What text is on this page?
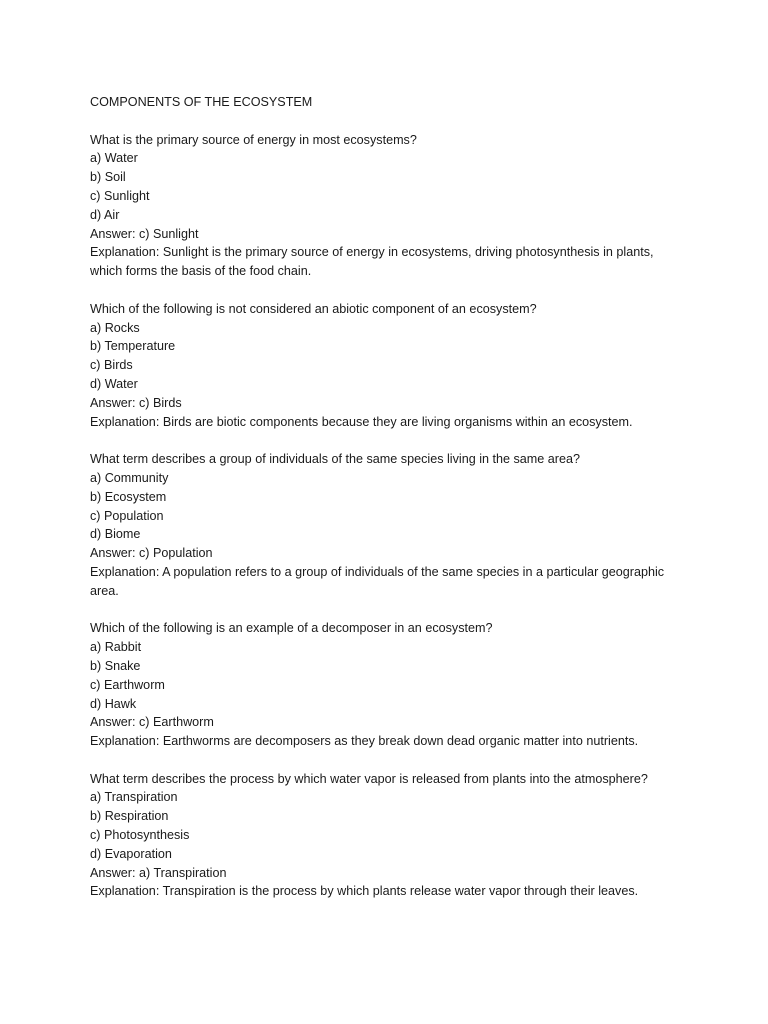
COMPONENTS OF THE ECOSYSTEM
What is the primary source of energy in most ecosystems?
a) Water
b) Soil
c) Sunlight
d) Air
Answer: c) Sunlight
Explanation: Sunlight is the primary source of energy in ecosystems, driving photosynthesis in plants, which forms the basis of the food chain.
Which of the following is not considered an abiotic component of an ecosystem?
a) Rocks
b) Temperature
c) Birds
d) Water
Answer: c) Birds
Explanation: Birds are biotic components because they are living organisms within an ecosystem.
What term describes a group of individuals of the same species living in the same area?
a) Community
b) Ecosystem
c) Population
d) Biome
Answer: c) Population
Explanation: A population refers to a group of individuals of the same species in a particular geographic area.
Which of the following is an example of a decomposer in an ecosystem?
a) Rabbit
b) Snake
c) Earthworm
d) Hawk
Answer: c) Earthworm
Explanation: Earthworms are decomposers as they break down dead organic matter into nutrients.
What term describes the process by which water vapor is released from plants into the atmosphere?
a) Transpiration
b) Respiration
c) Photosynthesis
d) Evaporation
Answer: a) Transpiration
Explanation: Transpiration is the process by which plants release water vapor through their leaves.
